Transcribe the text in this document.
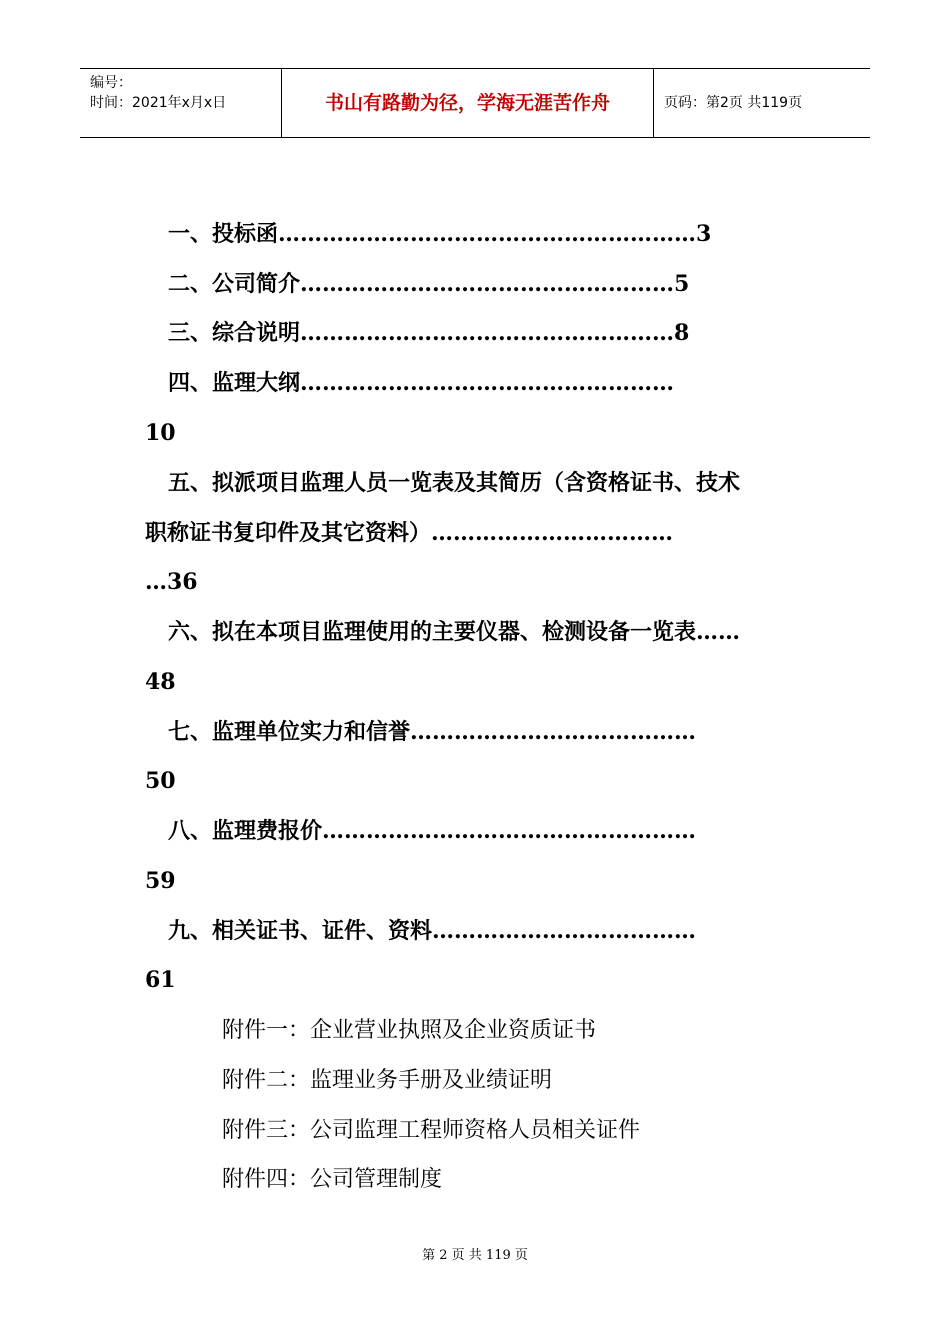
编号：
时间：2021年x月x日	书山有路勤为径，学海无涯苦作舟	页码：第2页 共119页
一、投标函…………………………………………………3
二、公司简介……………………………………………5
三、综合说明……………………………………………8
四、监理大纲……………………………………………
10
五、拟派项目监理人员一览表及其简历（含资格证书、技术
职称证书复印件及其它资料）……………………………
…36
六、拟在本项目监理使用的主要仪器、检测设备一览表……
48
七、监理单位实力和信誉…………………………………
50
八、监理费报价……………………………………………
59
九、相关证书、证件、资料………………………………
61
附件一：企业营业执照及企业资质证书
附件二：监理业务手册及业绩证明
附件三：公司监理工程师资格人员相关证件
附件四：公司管理制度
第 2 页 共 119 页
